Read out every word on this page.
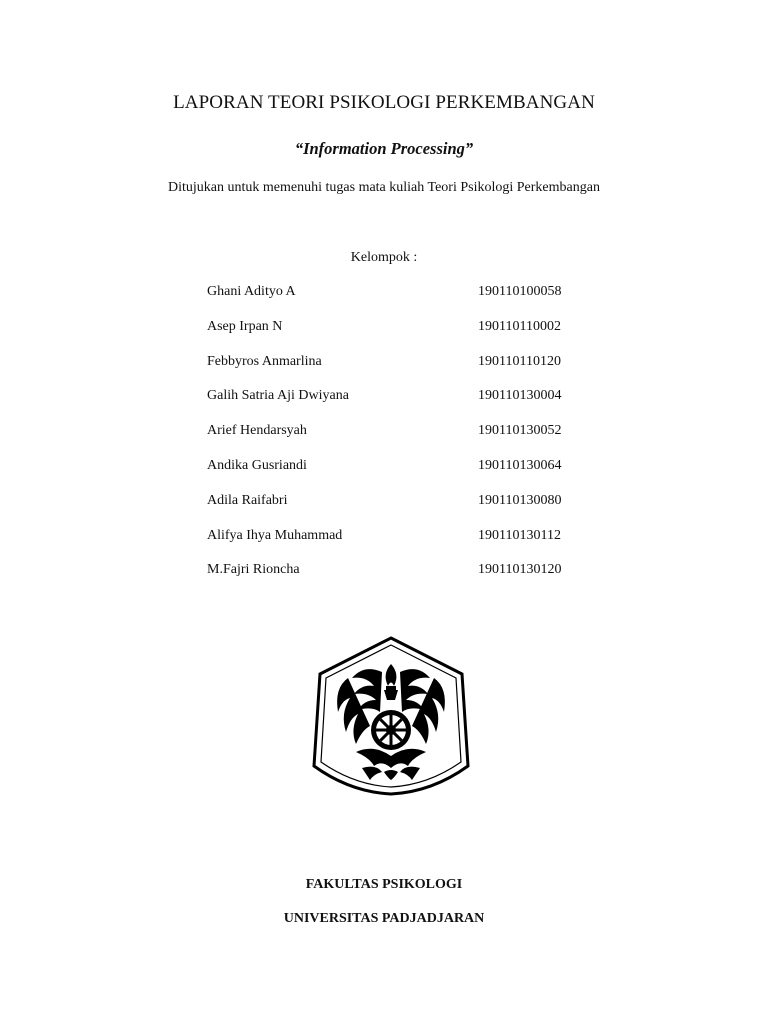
LAPORAN TEORI PSIKOLOGI PERKEMBANGAN
“Information Processing”
Ditujukan untuk memenuhi tugas mata kuliah Teori Psikologi Perkembangan
Kelompok :
Ghani Adityo A	190110100058
Asep Irpan N	190110110002
Febbyros Anmarlina	190110110120
Galih Satria Aji Dwiyana	190110130004
Arief Hendarsyah	190110130052
Andika Gusriandi	190110130064
Adila Raifabri	190110130080
Alifya Ihya Muhammad	190110130112
M.Fajri Rioncha	190110130120
FAKULTAS PSIKOLOGI
UNIVERSITAS PADJADJARAN
